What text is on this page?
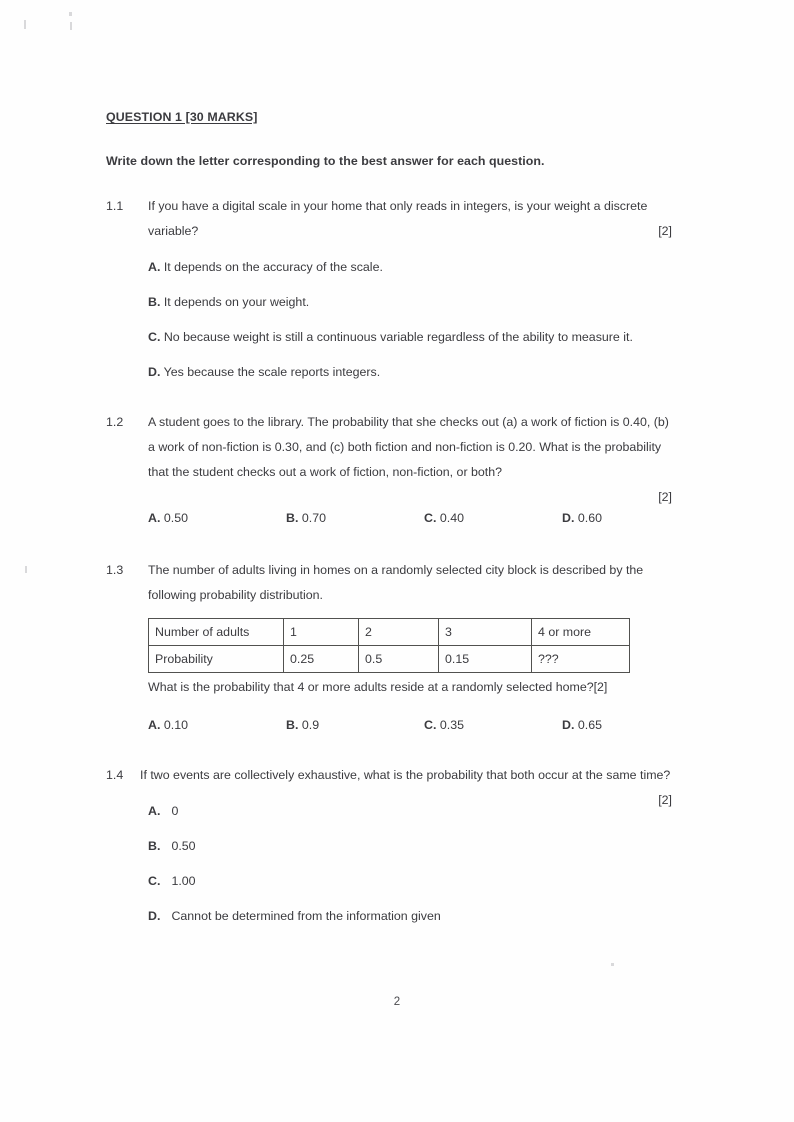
QUESTION 1 [30 MARKS]

Write down the letter corresponding to the best answer for each question.

1.1	If you have a digital scale in your home that only reads in integers, is your weight a discrete variable?	[2]
A. It depends on the accuracy of the scale.
B. It depends on your weight.
C. No because weight is still a continuous variable regardless of the ability to measure it.
D. Yes because the scale reports integers.
1.2	A student goes to the library. The probability that she checks out (a) a work of fiction is 0.40, (b) a work of non-fiction is 0.30, and (c) both fiction and non-fiction is 0.20. What is the probability that the student checks out a work of fiction, non-fiction, or both?

[2]
A. 0.50	B. 0.70	C. 0.40	D. 0.60
1.3	The number of adults living in homes on a randomly selected city block is described by the following probability distribution.

Number of adults	1	2	3	4 or more
Probability	0.25	0.5	0.15	???

What is the probability that 4 or more adults reside at a randomly selected home?[2]

A. 0.10	B. 0.9	C. 0.35	D. 0.65
1.4	If two events are collectively exhaustive, what is the probability that both occur at the same time?

[2]
A. 0
B. 0.50
C. 1.00
D. Cannot be determined from the information given
2
